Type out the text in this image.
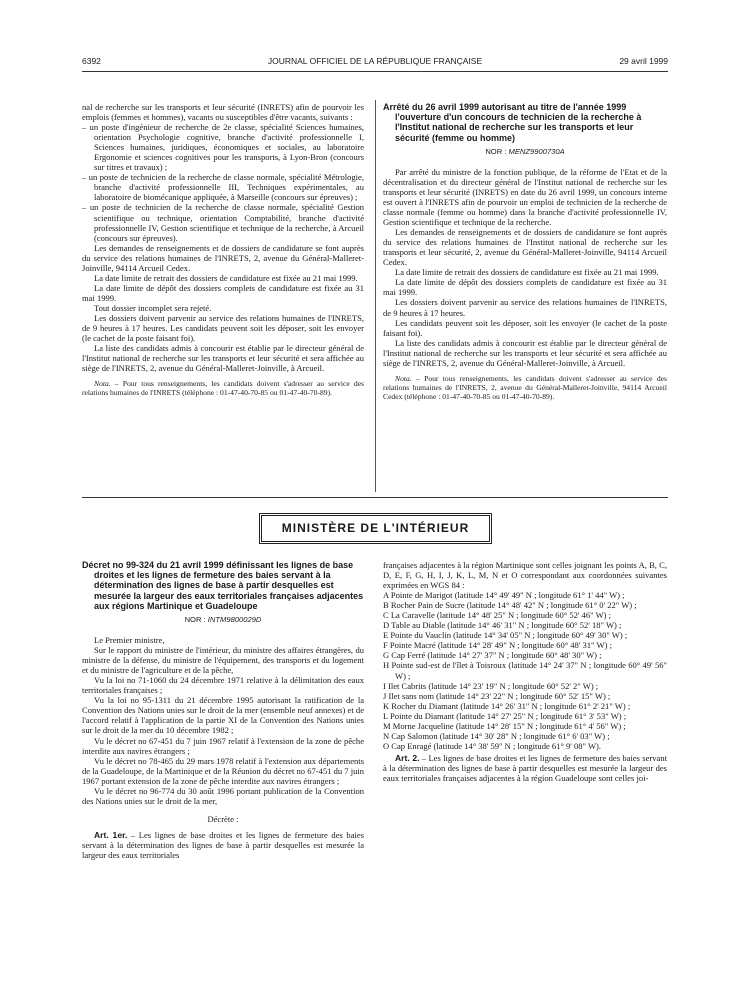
6392	JOURNAL OFFICIEL DE LA RÉPUBLIQUE FRANÇAISE	29 avril 1999

nal de recherche sur les transports et leur sécurité (INRETS) afin de pourvoir les emplois (femmes et hommes), vacants ou susceptibles d'être vacants, suivants :

– un poste d'ingénieur de recherche de 2e classe, spécialité Sciences humaines, orientation Psychologie cognitive, branche d'activité professionnelle I, Sciences humaines, juridiques, économiques et sociales, au laboratoire Ergonomie et sciences cognitives pour les transports, à Lyon-Bron (concours sur titres et travaux) ;

– un poste de technicien de la recherche de classe normale, spécialité Métrologie, branche d'activité professionnelle III, Techniques expérimentales, au laboratoire de biomécanique appliquée, à Marseille (concours sur épreuves) ;

– un poste de technicien de la recherche de classe normale, spécialité Gestion scientifique ou technique, orientation Comptabilité, branche d'activité professionnelle IV, Gestion scientifique et technique de la recherche, à Arcueil (concours sur épreuves).

Les demandes de renseignements et de dossiers de candidature se font auprès du service des relations humaines de l'INRETS, 2, avenue du Général-Malleret-Joinville, 94114 Arcueil Cedex.

La date limite de retrait des dossiers de candidature est fixée au 21 mai 1999.

La date limite de dépôt des dossiers complets de candidature est fixée au 31 mai 1999.

Tout dossier incomplet sera rejeté.

Les dossiers doivent parvenir au service des relations humaines de l'INRETS, de 9 heures à 17 heures. Les candidats peuvent soit les déposer, soit les envoyer (le cachet de la poste faisant foi).

La liste des candidats admis à concourir est établie par le directeur général de l'Institut national de recherche sur les transports et leur sécurité et sera affichée au siège de l'INRETS, 2, avenue du Général-Malleret-Joinville, à Arcueil.

Nota. – Pour tous renseignements, les candidats doivent s'adresser au service des relations humaines de l'INRETS (téléphone : 01-47-40-70-85 ou 01-47-40-70-89).

Arrêté du 26 avril 1999 autorisant au titre de l'année 1999 l'ouverture d'un concours de technicien de la recherche à l'Institut national de recherche sur les transports et leur sécurité (femme ou homme)

NOR : MENZ9900730A

Par arrêté du ministre de la fonction publique, de la réforme de l'Etat et de la décentralisation et du directeur général de l'Institut national de recherche sur les transports et leur sécurité (INRETS) en date du 26 avril 1999, un concours interne est ouvert à l'INRETS afin de pourvoir un emploi de technicien de la recherche de classe normale (femme ou homme) dans la branche d'activité professionnelle IV, Gestion scientifique et technique de la recherche.

Les demandes de renseignements et de dossiers de candidature se font auprès du service des relations humaines de l'Institut national de recherche sur les transports et leur sécurité, 2, avenue du Général-Malleret-Joinville, 94114 Arcueil Cedex.

La date limite de retrait des dossiers de candidature est fixée au 21 mai 1999.

La date limite de dépôt des dossiers complets de candidature est fixée au 31 mai 1999.

Les dossiers doivent parvenir au service des relations humaines de l'INRETS, de 9 heures à 17 heures.

Les candidats peuvent soit les déposer, soit les envoyer (le cachet de la poste faisant foi).

La liste des candidats admis à concourir est établie par le directeur général de l'Institut national de recherche sur les transports et leur sécurité et sera affichée au siège de l'INRETS, 2, avenue du Général-Malleret-Joinville, à Arcueil.

Nota. – Pour tous renseignements, les candidats doivent s'adresser au service des relations humaines de l'INRETS, 2, avenue du Général-Malleret-Joinville, 94114 Arcueil Cedex (téléphone : 01-47-40-70-85 ou 01-47-40-70-89).

MINISTÈRE DE L'INTÉRIEUR

Décret no 99-324 du 21 avril 1999 définissant les lignes de base droites et les lignes de fermeture des baies servant à la détermination des lignes de base à partir desquelles est mesurée la largeur des eaux territoriales françaises adjacentes aux régions Martinique et Guadeloupe

NOR : INTM9800029D

Le Premier ministre,

Sur le rapport du ministre de l'intérieur, du ministre des affaires étrangères, du ministre de la défense, du ministre de l'équipement, des transports et du logement et du ministre de l'agriculture et de la pêche,

Vu la loi no 71-1060 du 24 décembre 1971 relative à la délimitation des eaux territoriales françaises ;

Vu la loi no 95-1311 du 21 décembre 1995 autorisant la ratification de la Convention des Nations unies sur le droit de la mer (ensemble neuf annexes) et de l'accord relatif à l'application de la partie XI de la Convention des Nations unies sur le droit de la mer du 10 décembre 1982 ;

Vu le décret no 67-451 du 7 juin 1967 relatif à l'extension de la zone de pêche interdite aux navires étrangers ;

Vu le décret no 78-465 du 29 mars 1978 relatif à l'extension aux départements de la Guadeloupe, de la Martinique et de la Réunion du décret no 67-451 du 7 juin 1967 portant extension de la zone de pêche interdite aux navires étrangers ;

Vu le décret no 96-774 du 30 août 1996 portant publication de la Convention des Nations unies sur le droit de la mer,

Décrète :

Art. 1er. – Les lignes de base droites et les lignes de fermeture des baies servant à la détermination des lignes de base à partir desquelles est mesurée la largeur des eaux territoriales

françaises adjacentes à la région Martinique sont celles joignant les points A, B, C, D, E, F, G, H, I, J, K, L, M, N et O correspondant aux coordonnées suivantes exprimées en WGS 84 :

A Pointe de Marigot (latitude 14° 49' 49" N ; longitude 61° 1' 44" W) ;

B Rocher Pain de Sucre (latitude 14° 48' 42" N ; longitude 61° 0' 22" W) ;

C La Caravelle (latitude 14° 48' 25" N ; longitude 60° 52' 46" W) ;

D Table au Diable (latitude 14° 46' 31" N ; longitude 60° 52' 18" W) ;

E Pointe du Vauclin (latitude 14° 34' 05" N ; longitude 60° 49' 30" W) ;

F Pointe Macré (latitude 14° 28' 49" N ; longitude 60° 48' 31" W) ;

G Cap Ferré (latitude 14° 27' 37" N ; longitude 60° 48' 30" W) ;

H Pointe sud-est de l'îlet à Toisroux (latitude 14° 24' 37" N ; longitude 60° 49' 56" W) ;

I Ilet Cabrits (latitude 14° 23' 19" N ; longitude 60° 52' 2" W) ;

J Ilet sans nom (latitude 14° 23' 22" N ; longitude 60° 52' 15" W) ;

K Rocher du Diamant (latitude 14° 26' 31" N ; longitude 61° 2' 21" W) ;

L Pointe du Diamant (latitude 14° 27' 25" N ; longitude 61° 3' 53" W) ;

M Morne Jacqueline (latitude 14° 28' 15" N ; longitude 61° 4' 56" W) ;

N Cap Salomon (latitude 14° 30' 28" N ; longitude 61° 6' 03" W) ;

O Cap Enragé (latitude 14° 38' 59" N ; longitude 61° 9' 08" W).

Art. 2. – Les lignes de base droites et les lignes de fermeture des baies servant à la détermination des lignes de base à partir desquelles est mesurée la largeur des eaux territoriales françaises adjacentes à la région Guadeloupe sont celles joi-
